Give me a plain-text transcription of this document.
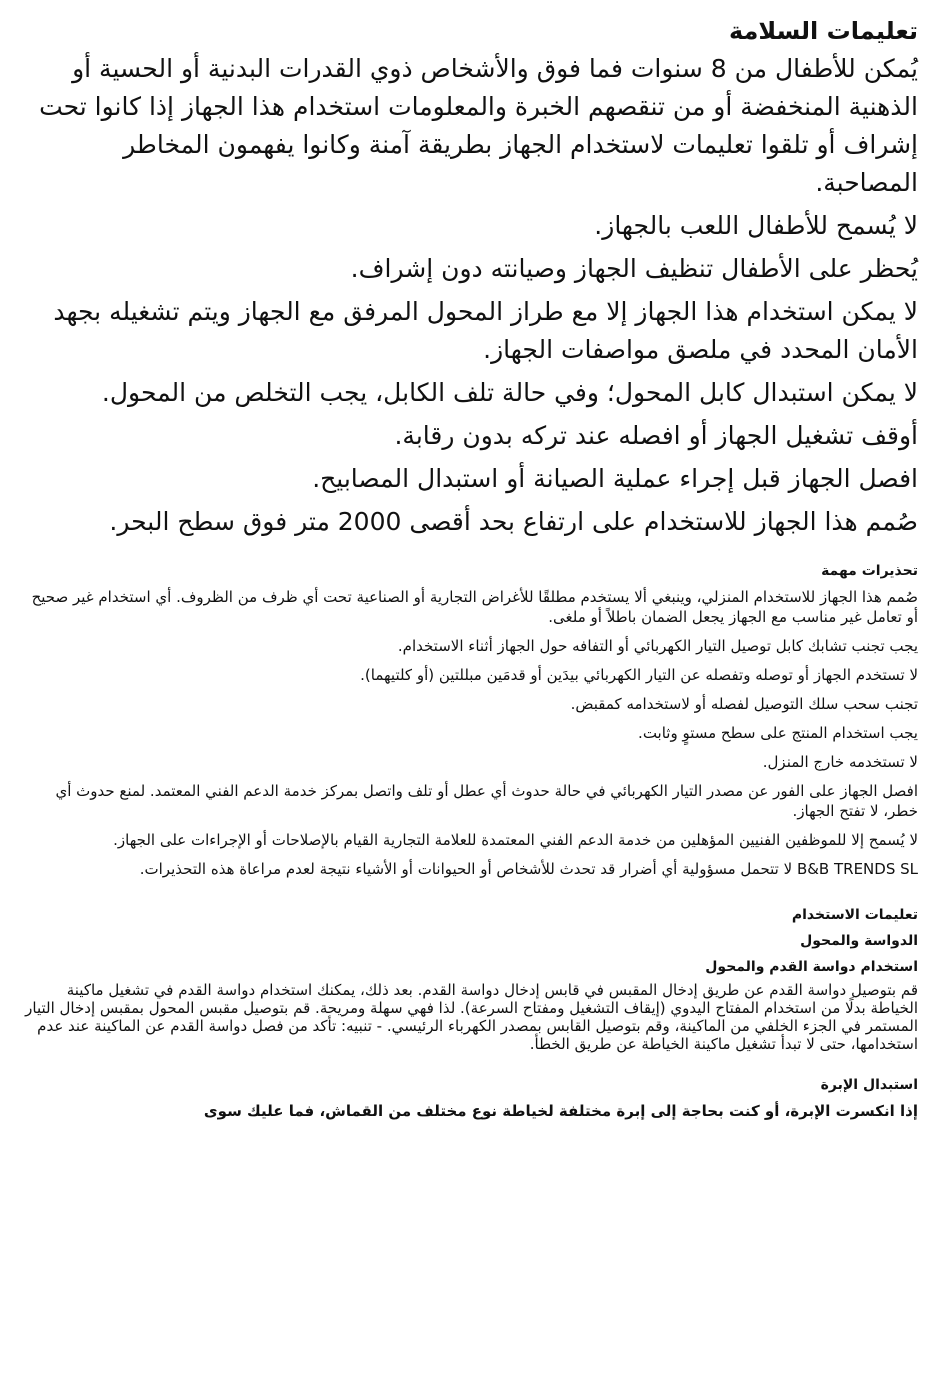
تعليمات السلامة

يُمكن للأطفال من 8 سنوات فما فوق والأشخاص ذوي القدرات البدنية أو الحسية أو الذهنية المنخفضة أو من تنقصهم الخبرة والمعلومات استخدام هذا الجهاز إذا كانوا تحت إشراف أو تلقوا تعليمات لاستخدام الجهاز بطريقة آمنة وكانوا يفهمون المخاطر المصاحبة.

لا يُسمح للأطفال اللعب بالجهاز.

يُحظر على الأطفال تنظيف الجهاز وصيانته دون إشراف.

لا يمكن استخدام هذا الجهاز إلا مع طراز المحول المرفق مع الجهاز ويتم تشغيله بجهد الأمان المحدد في ملصق مواصفات الجهاز.

لا يمكن استبدال كابل المحول؛ وفي حالة تلف الكابل، يجب التخلص من المحول.

أوقف تشغيل الجهاز أو افصله عند تركه بدون رقابة.

افصل الجهاز قبل إجراء عملية الصيانة أو استبدال المصابيح.

صُمم هذا الجهاز للاستخدام على ارتفاع بحد أقصى 2000 متر فوق سطح البحر.

تحذيرات مهمة

صُمم هذا الجهاز للاستخدام المنزلي، وينبغي ألا يستخدم مطلقًا للأغراض التجارية أو الصناعية تحت أي ظرف من الظروف. أي استخدام غير صحيح أو تعامل غير مناسب مع الجهاز يجعل الضمان باطلاً أو ملغى.

يجب تجنب تشابك كابل توصيل التيار الكهربائي أو التفافه حول الجهاز أثناء الاستخدام.

لا تستخدم الجهاز أو توصله وتفصله عن التيار الكهربائي بيدَين أو قدمَين مبللتين (أو كلتيهما).

تجنب سحب سلك التوصيل لفصله أو لاستخدامه كمقبض.

يجب استخدام المنتج على سطح مستوٍ وثابت.

لا تستخدمه خارج المنزل.

افصل الجهاز على الفور عن مصدر التيار الكهربائي في حالة حدوث أي عطل أو تلف واتصل بمركز خدمة الدعم الفني المعتمد. لمنع حدوث أي خطر، لا تفتح الجهاز.

لا يُسمح إلا للموظفين الفنيين المؤهلين من خدمة الدعم الفني المعتمدة للعلامة التجارية القيام بالإصلاحات أو الإجراءات على الجهاز.

B&B TRENDS SL لا تتحمل مسؤولية أي أضرار قد تحدث للأشخاص أو الحيوانات أو الأشياء نتيجة لعدم مراعاة هذه التحذيرات.

تعليمات الاستخدام
الدواسة والمحول
استخدام دواسة القدم والمحول

قم بتوصيل دواسة القدم عن طريق إدخال المقبس في قابس إدخال دواسة القدم. بعد ذلك، يمكنك استخدام دواسة القدم في تشغيل ماكينة الخياطة بدلًا من استخدام المفتاح اليدوي (إيقاف التشغيل ومفتاح السرعة). لذا فهي سهلة ومريحة. قم بتوصيل مقبس المحول بمقبس إدخال التيار المستمر في الجزء الخلفي من الماكينة، وقم بتوصيل القابس بمصدر الكهرباء الرئيسي. - تنبيه: تأكد من فصل دواسة القدم عن الماكينة عند عدم استخدامها، حتى لا تبدأ تشغيل ماكينة الخياطة عن طريق الخطأ.

استبدال الإبرة

إذا انكسرت الإبرة، أو كنت بحاجة إلى إبرة مختلفة لخياطة نوع مختلف من القماش، فما عليك سوى
